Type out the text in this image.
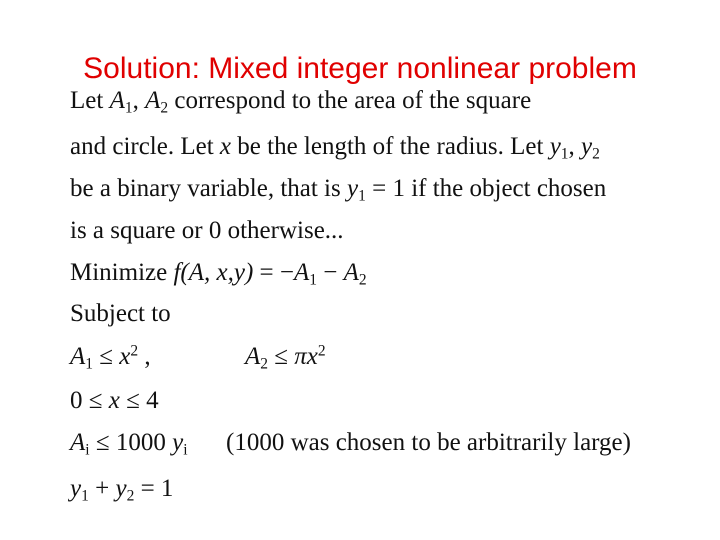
Solution: Mixed integer nonlinear problem
Let $A_1$, $A_2$ correspond to the area of the square
and circle. Let x be the length of the radius. Let $y_1$, $y_2$
be a binary variable, that is $y_1 = 1$ if the object chosen
is a square or 0 otherwise...
Minimize f(A, $x,y) = -A_1 - A_2$
Subject to
$A_1 \le x^2$ ,	$A_2 \le \pi x^2$
0 ≤ x ≤ 4
$A_i \le 1000$ $y_i$ (1000 was chosen to be arbitrarily large)
$y_1 + y_2 = 1$
